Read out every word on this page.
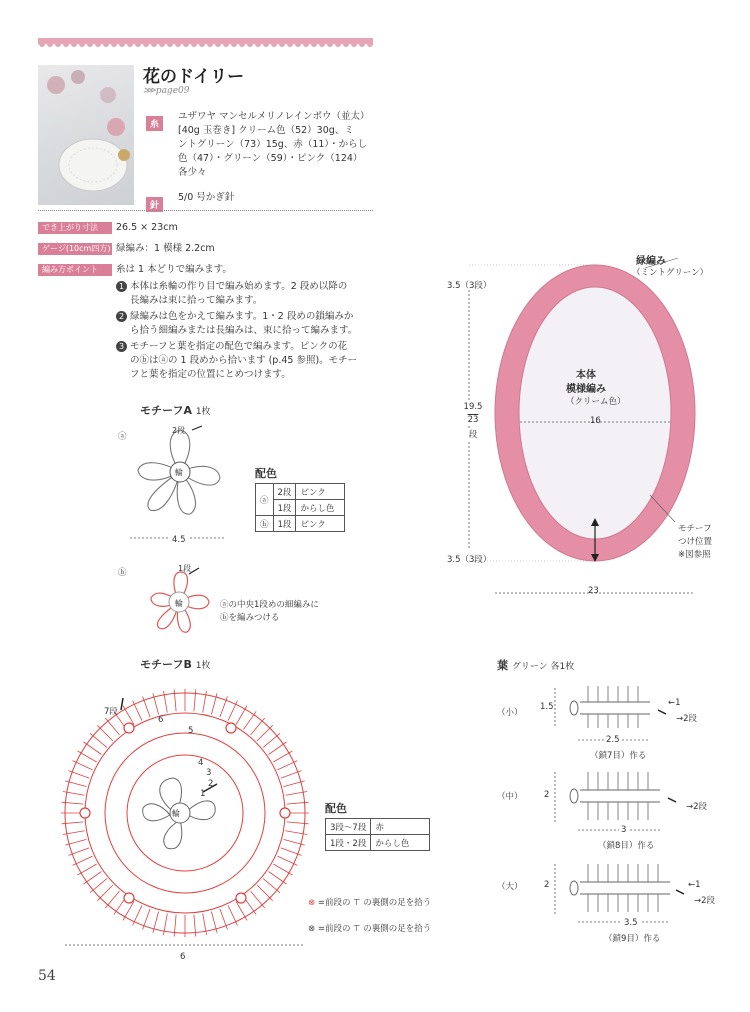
花のドイリー
⋙page09
糸
ユザワヤ マンセルメリノレインボウ（並太）
[40g 玉巻き] クリーム色（52）30g、ミ
ントグリーン（73）15g、赤（11）・からし
色（47）・グリーン（59）・ピンク（124）
各少々
針
5/0 号かぎ針
でき上がり寸法	26.5 × 23cm
ゲージ(10cm四方) 緑編み：1 模様 2.2cm
編み方ポイント	糸は 1 本どりで編みます。
1 本体は糸輪の作り目で編み始めます。2 段め以降の
長編みは束に拾って編みます。
2 緑編みは色をかえて編みます。1・2 段めの鎖編みか
ら拾う細編みまたは長編みは、束に拾って編みます。
3 モチーフと葉を指定の配色で編みます。ピンクの花
のⓑはⓐの 1 段めから拾います (p.45 参照)。モチー
フと葉を指定の位置にとめつけます。
緑編み
（ミントグリーン）
本体
模様編み
（クリーム色）
16
23
3.5（3段）
3.5（3段）
19.5
23
段
モチーフ
つけ位置
※図参照
モチーフA 1枚
ⓐ
輪
2段
4.5
配色
ⓐ	2段	ピンク
	1段	からし色
ⓑ	1段	ピンク
ⓑ
輪
1段
ⓐの中央1段めの細編みに
ⓑを編みつける
モチーフB 1枚
輪
7段
6
5
4
3
2
1
6
配色
3段〜7段	赤
1段・2段	からし色
⊗ =前段の ⊤ の裏側の足を拾う
⊗ =前段の ⊤ の裏側の足を拾う
葉 グリーン 各1枚
（小）
1.5	←1
→2段
2.5
（鎖7目）作る
（中）	2
→2段
3
（鎖8目）作る
（大）	2	←1
→2段
3.5
（鎖9目）作る
54
